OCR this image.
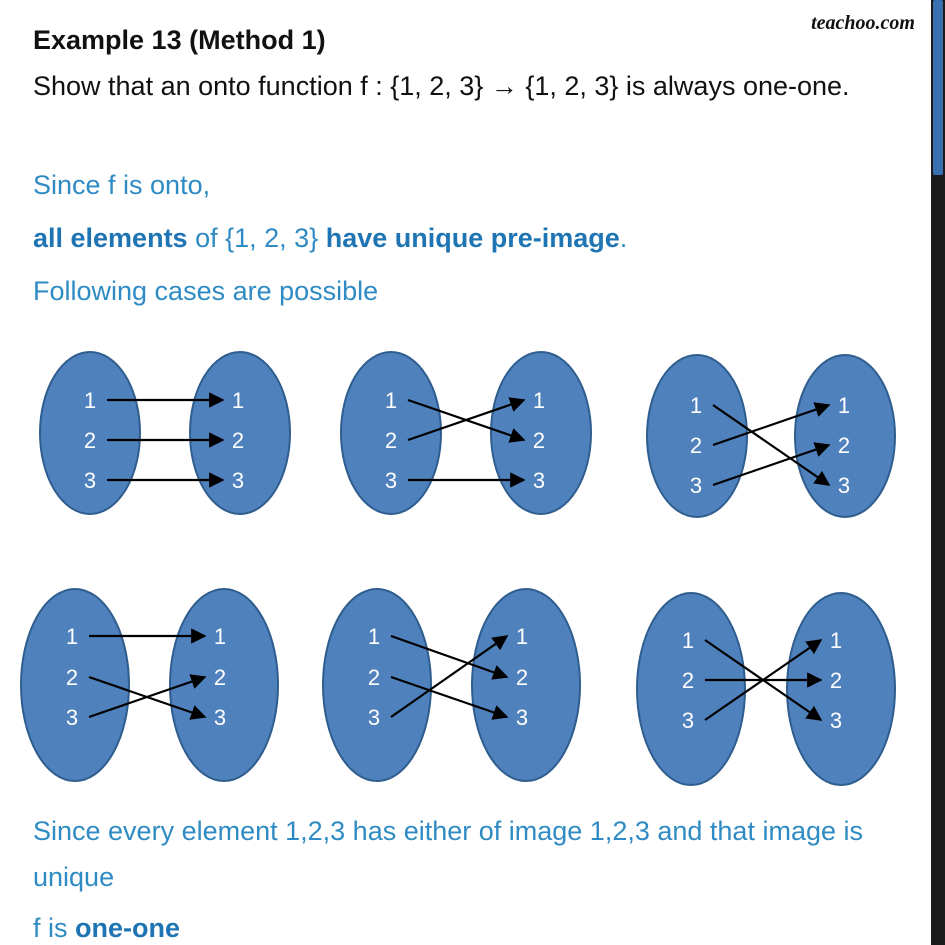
teachoo.com

Example 13 (Method 1)

Show that an onto function f : {1, 2, 3} → {1, 2, 3} is always one-one.

Since f is onto,

all elements of {1, 2, 3} have unique pre-image.

Following cases are possible

1
2
3
1
2
3
1
2
3
1
2
3
1
2
3
1
2
3
1
2
3
1
2
3
1
2
3
1
2
3
1
2
3
1
2
3

Since every element 1,2,3 has either of image 1,2,3 and that image is unique

f is one-one
